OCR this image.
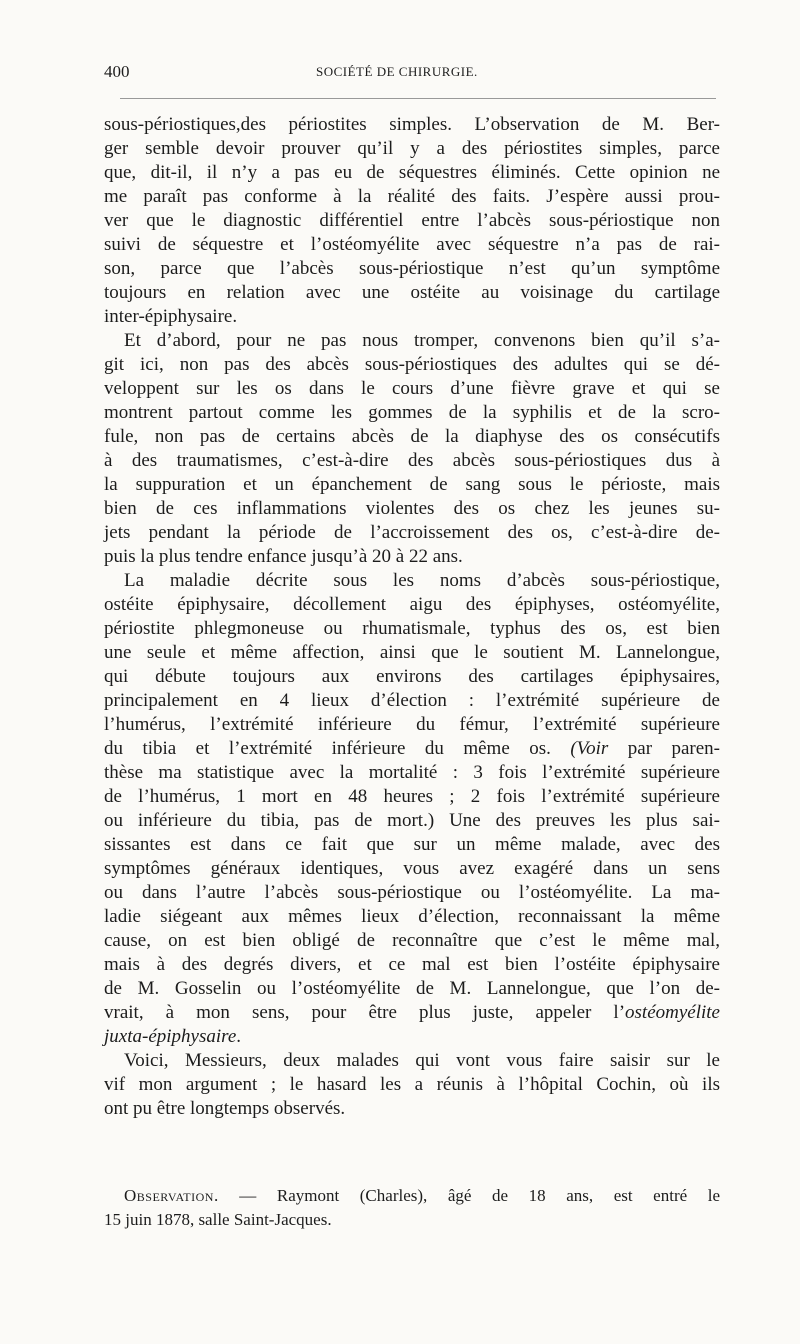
400	SOCIÉTÉ DE CHIRURGIE.
sous-périostiques,des périostites simples. L’observation de M. Ber-
ger semble devoir prouver qu’il y a des périostites simples, parce
que, dit-il, il n’y a pas eu de séquestres éliminés. Cette opinion ne
me paraît pas conforme à la réalité des faits. J’espère aussi prou-
ver que le diagnostic différentiel entre l’abcès sous-périostique non
suivi de séquestre et l’ostéomyélite avec séquestre n’a pas de rai-
son, parce que l’abcès sous-périostique n’est qu’un symptôme
toujours en relation avec une ostéite au voisinage du cartilage
inter-épiphysaire.
Et d’abord, pour ne pas nous tromper, convenons bien qu’il s’a-
git ici, non pas des abcès sous-périostiques des adultes qui se dé-
veloppent sur les os dans le cours d’une fièvre grave et qui se
montrent partout comme les gommes de la syphilis et de la scro-
fule, non pas de certains abcès de la diaphyse des os consécutifs
à des traumatismes, c’est-à-dire des abcès sous-périostiques dus à
la suppuration et un épanchement de sang sous le périoste, mais
bien de ces inflammations violentes des os chez les jeunes su-
jets pendant la période de l’accroissement des os, c’est-à-dire de-
puis la plus tendre enfance jusqu’à 20 à 22 ans.
La maladie décrite sous les noms d’abcès sous-périostique,
ostéite épiphysaire, décollement aigu des épiphyses, ostéomyélite,
périostite phlegmoneuse ou rhumatismale, typhus des os, est bien
une seule et même affection, ainsi que le soutient M. Lannelongue,
qui débute toujours aux environs des cartilages épiphysaires,
principalement en 4 lieux d’élection : l’extrémité supérieure de
l’humérus, l’extrémité inférieure du fémur, l’extrémité supérieure
du tibia et l’extrémité inférieure du même os. (Voir par paren-
thèse ma statistique avec la mortalité : 3 fois l’extrémité supérieure
de l’humérus, 1 mort en 48 heures ; 2 fois l’extrémité supérieure
ou inférieure du tibia, pas de mort.) Une des preuves les plus sai-
sissantes est dans ce fait que sur un même malade, avec des
symptômes généraux identiques, vous avez exagéré dans un sens
ou dans l’autre l’abcès sous-périostique ou l’ostéomyélite. La ma-
ladie siégeant aux mêmes lieux d’élection, reconnaissant la même
cause, on est bien obligé de reconnaître que c’est le même mal,
mais à des degrés divers, et ce mal est bien l’ostéite épiphysaire
de M. Gosselin ou l’ostéomyélite de M. Lannelongue, que l’on de-
vrait, à mon sens, pour être plus juste, appeler l’ostéomyélite
juxta-épiphysaire.
Voici, Messieurs, deux malades qui vont vous faire saisir sur le
vif mon argument ; le hasard les a réunis à l’hôpital Cochin, où ils
ont pu être longtemps observés.
Observation. — Raymont (Charles), âgé de 18 ans, est entré le
15 juin 1878, salle Saint-Jacques.
